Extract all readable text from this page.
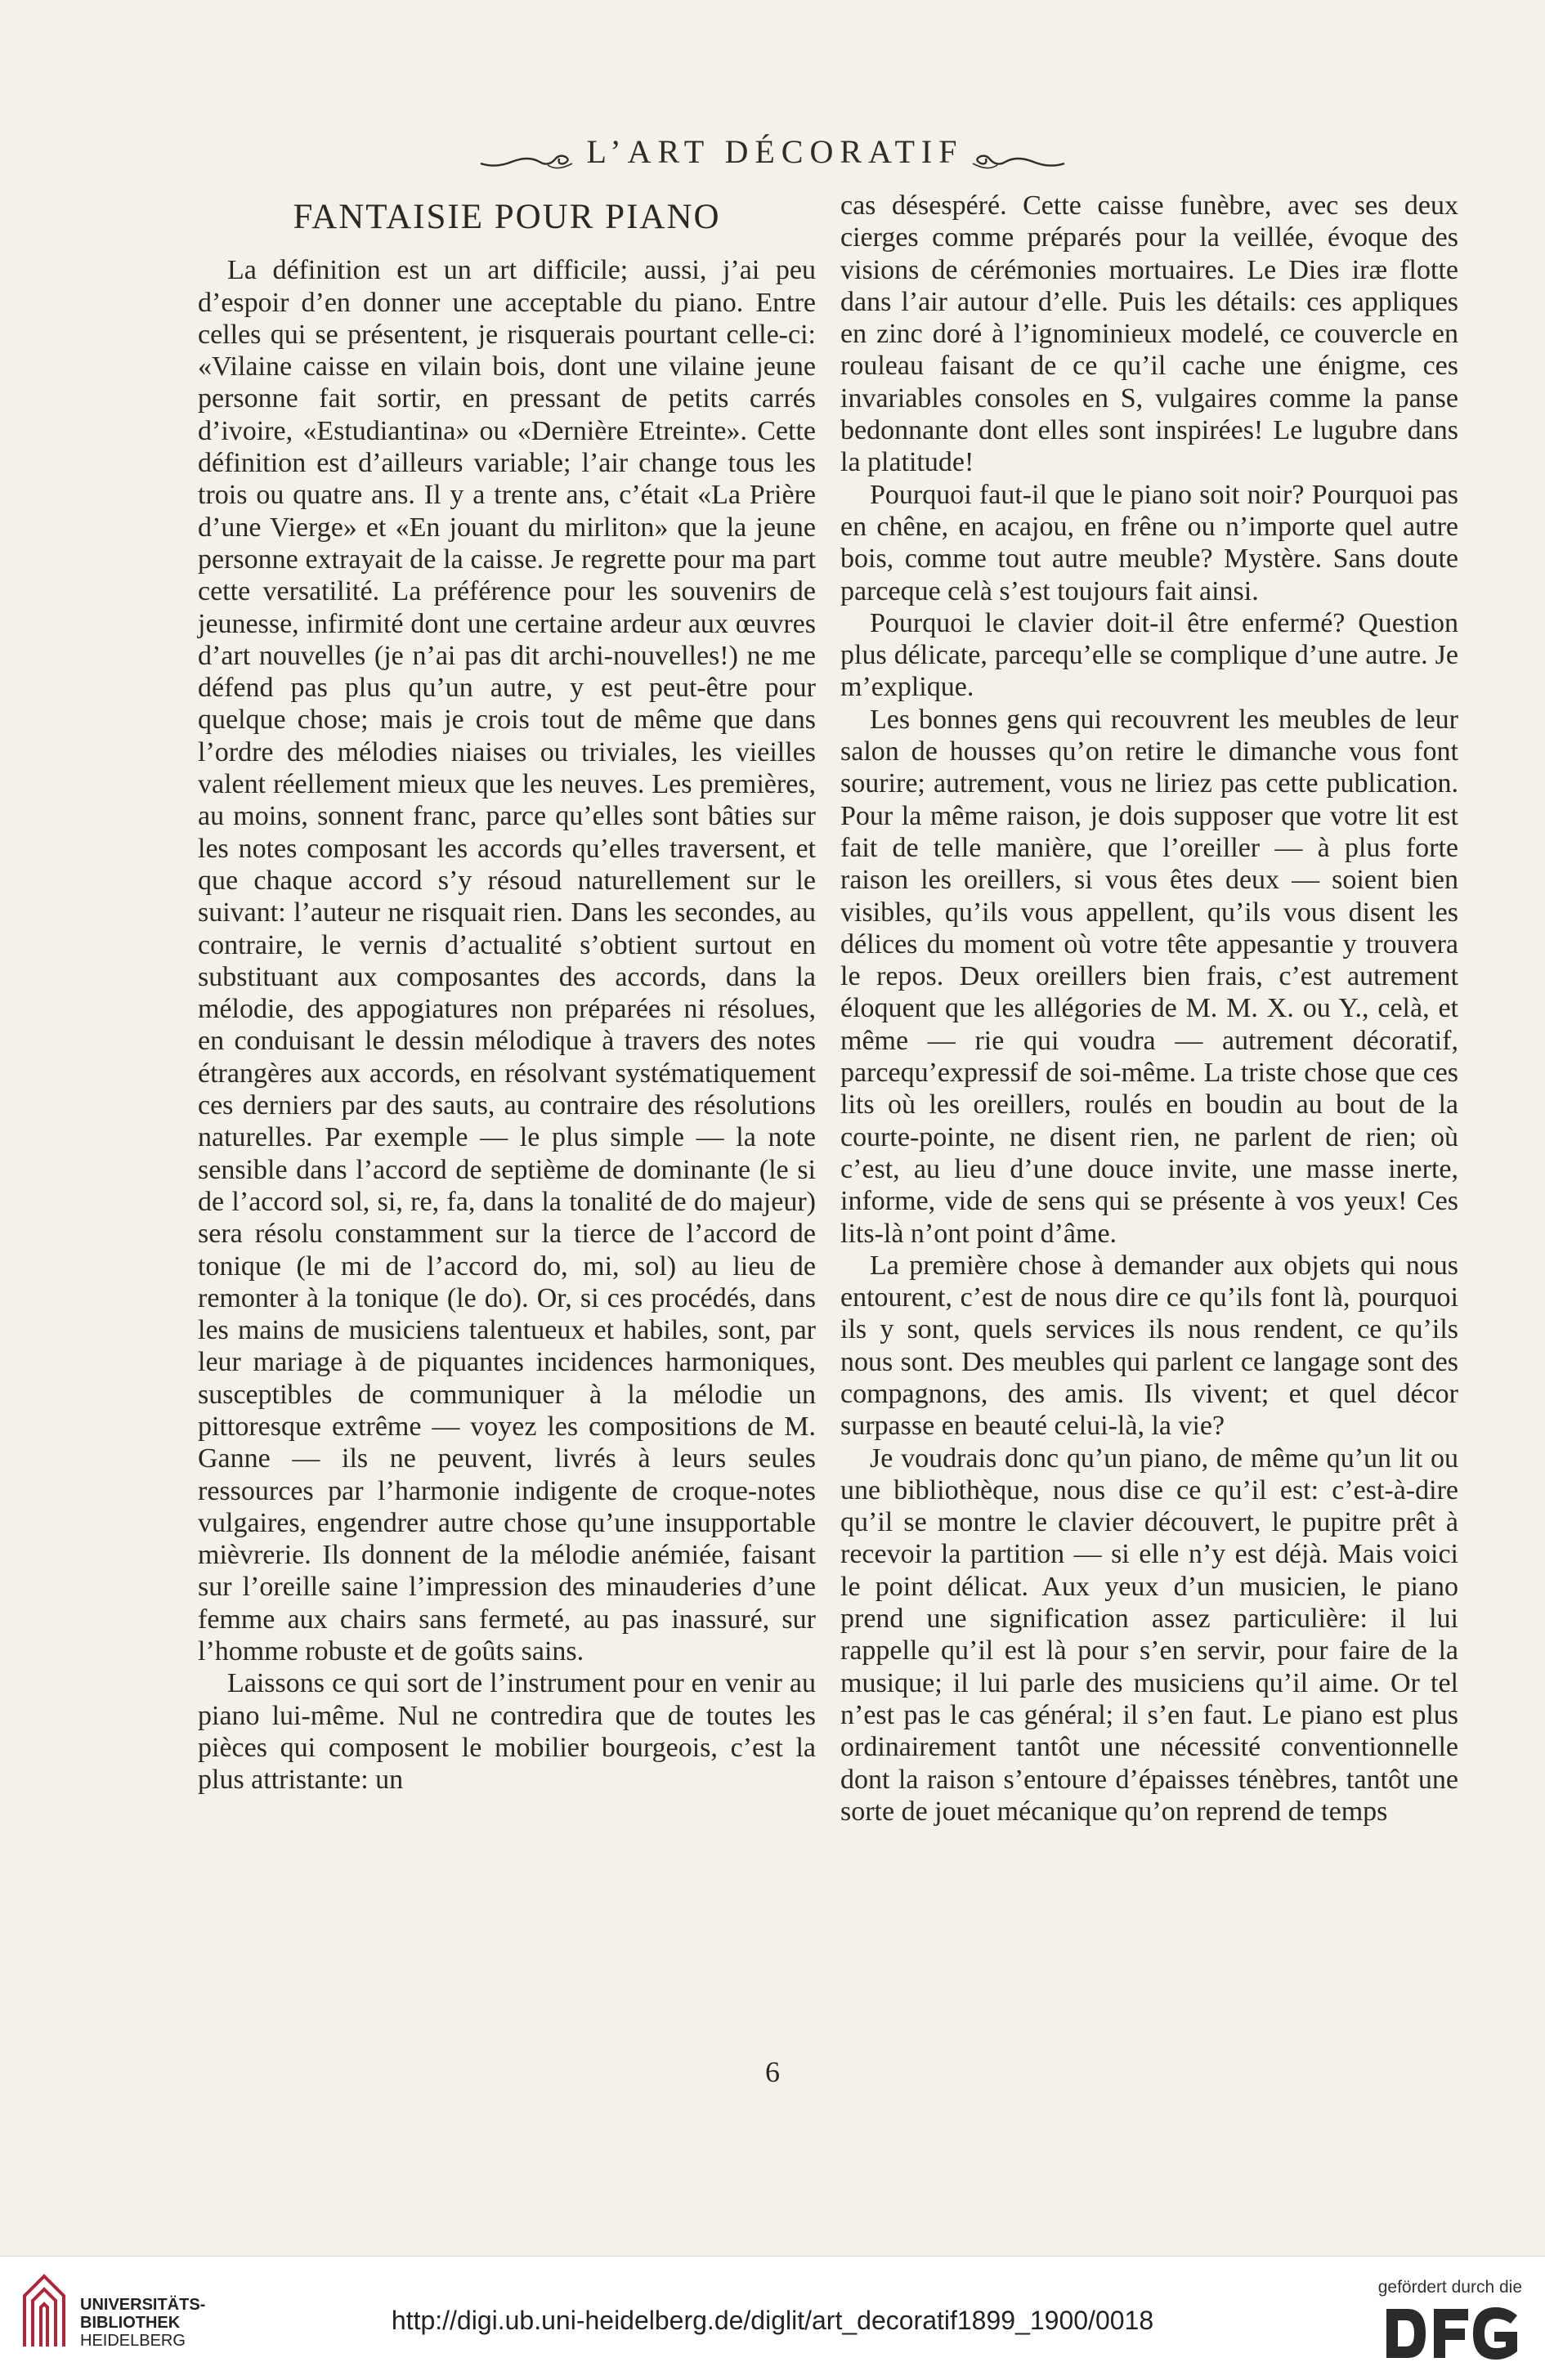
L’ART DÉCORATIF
FANTAISIE POUR PIANO

La définition est un art difficile; aussi, j’ai peu d’espoir d’en donner une acceptable du piano. Entre celles qui se présentent, je risquerais pourtant celle-ci: «Vilaine caisse en vilain bois, dont une vilaine jeune personne fait sortir, en pressant de petits carrés d’ivoire, «Estudiantina» ou «Dernière Etreinte». Cette définition est d’ailleurs variable; l’air change tous les trois ou quatre ans. Il y a trente ans, c’était «La Prière d’une Vierge» et «En jouant du mirliton» que la jeune personne extrayait de la caisse. Je regrette pour ma part cette versatilité. La préférence pour les souvenirs de jeunesse, infirmité dont une certaine ardeur aux œuvres d’art nouvelles (je n’ai pas dit archi-nouvelles!) ne me défend pas plus qu’un autre, y est peut-être pour quelque chose; mais je crois tout de même que dans l’ordre des mélodies niaises ou triviales, les vieilles valent réellement mieux que les neuves. Les premières, au moins, sonnent franc, parce qu’elles sont bâties sur les notes composant les accords qu’elles traversent, et que chaque accord s’y résoud naturellement sur le suivant: l’auteur ne risquait rien. Dans les secondes, au contraire, le vernis d’actualité s’obtient surtout en substituant aux composantes des accords, dans la mélodie, des appogiatures non préparées ni résolues, en conduisant le dessin mélodique à travers des notes étrangères aux accords, en résolvant systématiquement ces derniers par des sauts, au contraire des résolutions naturelles. Par exemple — le plus simple — la note sensible dans l’accord de septième de dominante (le si de l’accord sol, si, re, fa, dans la tonalité de do majeur) sera résolu constamment sur la tierce de l’accord de tonique (le mi de l’accord do, mi, sol) au lieu de remonter à la tonique (le do). Or, si ces procédés, dans les mains de musiciens talentueux et habiles, sont, par leur mariage à de piquantes incidences harmoniques, susceptibles de communiquer à la mélodie un pittoresque extrême — voyez les compositions de M. Ganne — ils ne peuvent, livrés à leurs seules ressources par l’harmonie indigente de croque-notes vulgaires, engendrer autre chose qu’une insupportable mièvrerie. Ils donnent de la mélodie anémiée, faisant sur l’oreille saine l’impression des minauderies d’une femme aux chairs sans fermeté, au pas inassuré, sur l’homme robuste et de goûts sains.

Laissons ce qui sort de l’instrument pour en venir au piano lui-même. Nul ne contredira que de toutes les pièces qui composent le mobilier bourgeois, c’est la plus attristante: un

cas désespéré. Cette caisse funèbre, avec ses deux cierges comme préparés pour la veillée, évoque des visions de cérémonies mortuaires. Le Dies iræ flotte dans l’air autour d’elle. Puis les détails: ces appliques en zinc doré à l’ignominieux modelé, ce couvercle en rouleau faisant de ce qu’il cache une énigme, ces invariables consoles en S, vulgaires comme la panse bedonnante dont elles sont inspirées! Le lugubre dans la platitude!

Pourquoi faut-il que le piano soit noir? Pourquoi pas en chêne, en acajou, en frêne ou n’importe quel autre bois, comme tout autre meuble? Mystère. Sans doute parceque celà s’est toujours fait ainsi.

Pourquoi le clavier doit-il être enfermé? Question plus délicate, parcequ’elle se complique d’une autre. Je m’explique.

Les bonnes gens qui recouvrent les meubles de leur salon de housses qu’on retire le dimanche vous font sourire; autrement, vous ne liriez pas cette publication. Pour la même raison, je dois supposer que votre lit est fait de telle manière, que l’oreiller — à plus forte raison les oreillers, si vous êtes deux — soient bien visibles, qu’ils vous appellent, qu’ils vous disent les délices du moment où votre tête appesantie y trouvera le repos. Deux oreillers bien frais, c’est autrement éloquent que les allégories de M. M. X. ou Y., celà, et même — rie qui voudra — autrement décoratif, parcequ’expressif de soi-même. La triste chose que ces lits où les oreillers, roulés en boudin au bout de la courte-pointe, ne disent rien, ne parlent de rien; où c’est, au lieu d’une douce invite, une masse inerte, informe, vide de sens qui se présente à vos yeux! Ces lits-là n’ont point d’âme.

La première chose à demander aux objets qui nous entourent, c’est de nous dire ce qu’ils font là, pourquoi ils y sont, quels services ils nous rendent, ce qu’ils nous sont. Des meubles qui parlent ce langage sont des compagnons, des amis. Ils vivent; et quel décor surpasse en beauté celui-là, la vie?

Je voudrais donc qu’un piano, de même qu’un lit ou une bibliothèque, nous dise ce qu’il est: c’est-à-dire qu’il se montre le clavier découvert, le pupitre prêt à recevoir la partition — si elle n’y est déjà. Mais voici le point délicat. Aux yeux d’un musicien, le piano prend une signification assez particulière: il lui rappelle qu’il est là pour s’en servir, pour faire de la musique; il lui parle des musiciens qu’il aime. Or tel n’est pas le cas général; il s’en faut. Le piano est plus ordinairement tantôt une nécessité conventionnelle dont la raison s’entoure d’épaisses ténèbres, tantôt une sorte de jouet mécanique qu’on reprend de temps

6
UNIVERSITÄTS-
BIBLIOTHEK
HEIDELBERG
http://digi.ub.uni-heidelberg.de/diglit/art_decoratif1899_1900/0018
gefördert durch die
